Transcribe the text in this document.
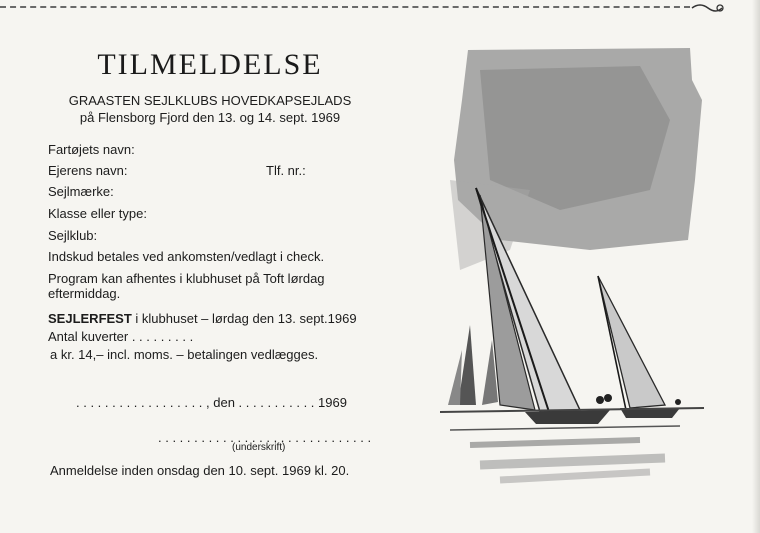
TILMELDELSE
GRAASTEN SEJLKLUBS HOVEDKAPSEJLADS
på Flensborg Fjord den 13. og 14. sept. 1969
Fartøjets navn:
Ejerens navn:	Tlf. nr.:
Sejlmærke:
Klasse eller type:
Sejlklub:
Indskud betales ved ankomsten/vedlagt i check.
Program kan afhentes i klubhuset på Toft lørdag
eftermiddag.
SEJLERFEST i klubhuset – lørdag den 13. sept.1969
Antal kuverter . . . . . . . . .
a kr. 14,– incl. moms. – betalingen vedlægges.
. . . . . . . . . . . . . . . . . . , den . . . . . . . . . . . 1969
. . . . . . . . . . . . . . . . . . . . . . . . . . . . . .
(underskrift)
Anmeldelse inden onsdag den 10. sept. 1969 kl. 20.
